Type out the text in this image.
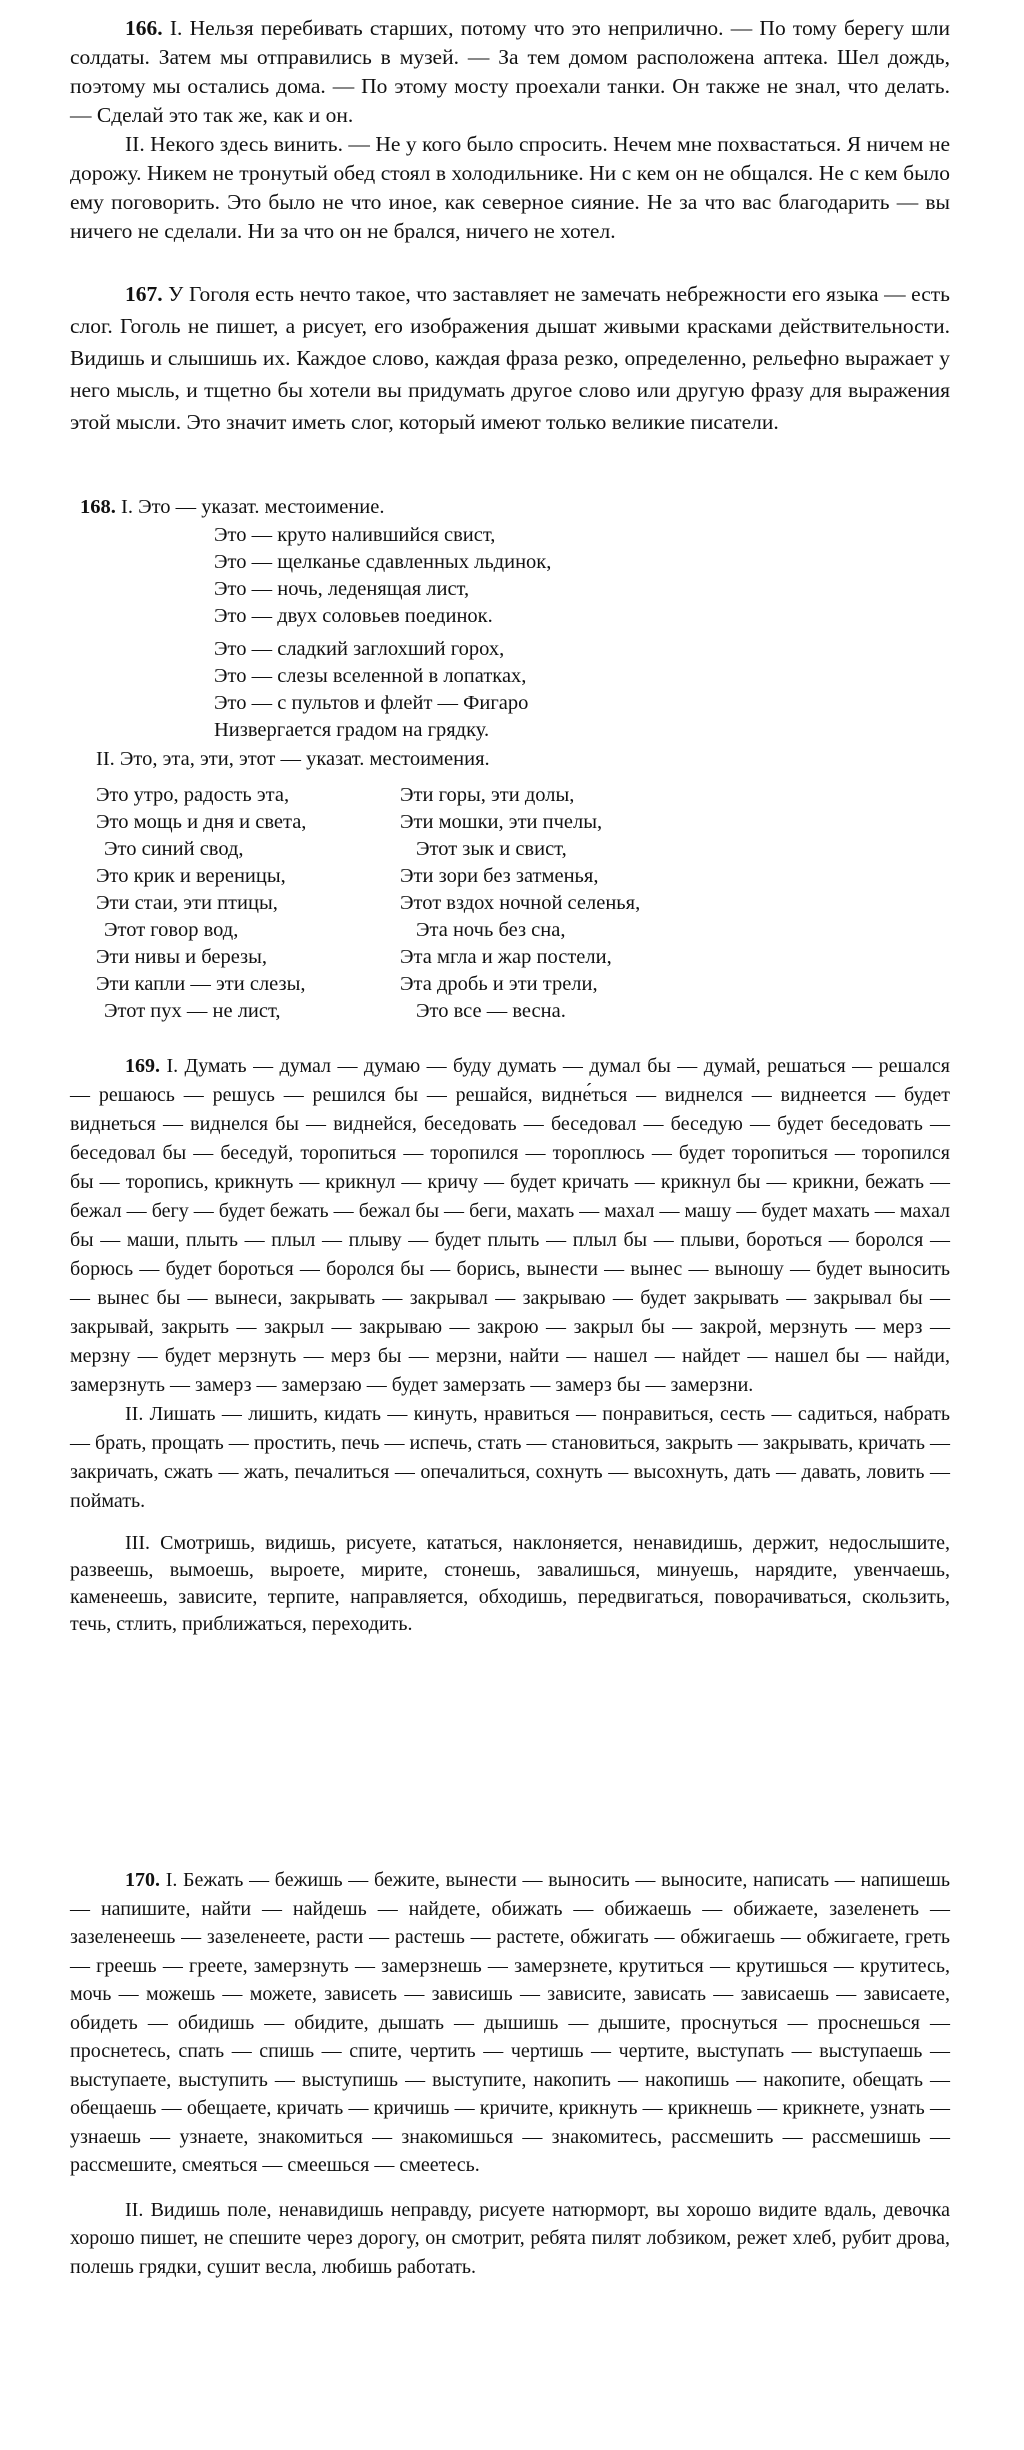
166. I. Нельзя перебивать старших, потому что это неприлично. — По тому берегу шли солдаты. Затем мы отправились в музей. — За тем домом расположена аптека. Шел дождь, поэтому мы остались дома. — По этому мосту проехали танки. Он также не знал, что делать. — Сделай это так же, как и он.

II. Некого здесь винить. — Не у кого было спросить. Нечем мне похвастаться. Я ничем не дорожу. Никем не тронутый обед стоял в холодильнике. Ни с кем он не общался. Не с кем было ему поговорить. Это было не что иное, как северное сияние. Не за что вас благодарить — вы ничего не сделали. Ни за что он не брался, ничего не хотел.

167. У Гоголя есть нечто такое, что заставляет не замечать небрежности его языка — есть слог. Гоголь не пишет, а рисует, его изображения дышат живыми красками действительности. Видишь и слышишь их. Каждое слово, каждая фраза резко, определенно, рельефно выражает у него мысль, и тщетно бы хотели вы придумать другое слово или другую фразу для выражения этой мысли. Это значит иметь слог, который имеют только великие писатели.

168. I. Это — указат. местоимение.
Это — круто налившийся свист,
Это — щелканье сдавленных льдинок,
Это — ночь, леденящая лист,
Это — двух соловьев поединок.
Это — сладкий заглохший горох,
Это — слезы вселенной в лопатках,
Это — с пультов и флейт — Фигаро
Низвергается градом на грядку.
II. Это, эта, эти, этот — указат. местоимения.
Это утро, радость эта,
Это мощь и дня и света,
Это синий свод,
Это крик и вереницы,
Эти стаи, эти птицы,
Этот говор вод,
Эти нивы и березы,
Эти капли — эти слезы,
Этот пух — не лист,
Эти горы, эти долы,
Эти мошки, эти пчелы,
Этот зык и свист,
Эти зори без затменья,
Этот вздох ночной селенья,
Эта ночь без сна,
Эта мгла и жар постели,
Эта дробь и эти трели,
Это все — весна.

169. I. Думать — думал — думаю — буду думать — думал бы — думай, решаться — решался — решаюсь — решусь — решился бы — решайся, видне́ться — виднелся — виднеется — будет виднеться — виднелся бы — виднейся, беседовать — беседовал — беседую — будет беседовать — беседовал бы — беседуй, торопиться — торопился — тороплюсь — будет торопиться — торопился бы — торопись, крикнуть — крикнул — кричу — будет кричать — крикнул бы — крикни, бежать — бежал — бегу — будет бежать — бежал бы — беги, махать — махал — машу — будет махать — махал бы — маши, плыть — плыл — плыву — будет плыть — плыл бы — плыви, бороться — боролся — борюсь — будет бороться — боролся бы — борись, вынести — вынес — выношу — будет выносить — вынес бы — вынеси, закрывать — закрывал — закрываю — будет закрывать — закрывал бы — закрывай, закрыть — закрыл — закрываю — закрою — закрыл бы — закрой, мерзнуть — мерз — мерзну — будет мерзнуть — мерз бы — мерзни, найти — нашел — найдет — нашел бы — найди, замерзнуть — замерз — замерзаю — будет замерзать — замерз бы — замерзни.

II. Лишать — лишить, кидать — кинуть, нравиться — понравиться, сесть — садиться, набрать — брать, прощать — простить, печь — испечь, стать — становиться, закрыть — закрывать, кричать — закричать, сжать — жать, печалиться — опечалиться, сохнуть — высохнуть, дать — давать, ловить — поймать.

III. Смотришь, видишь, рисуете, кататься, наклоняется, ненавидишь, держит, недослышите, развеешь, вымоешь, выроете, мирите, стонешь, завалишься, минуешь, нарядите, увенчаешь, каменеешь, зависите, терпите, направляется, обходишь, передвигаться, поворачиваться, скользить, течь, стлить, приближаться, переходить.

170. I. Бежать — бежишь — бежите, вынести — выносить — выносите, написать — напишешь — напишите, найти — найдешь — найдете, обижать — обижаешь — обижаете, зазеленеть — зазеленеешь — зазеленеете, расти — растешь — растете, обжигать — обжигаешь — обжигаете, греть — греешь — греете, замерзнуть — замерзнешь — замерзнете, крутиться — крутишься — крутитесь, мочь — можешь — можете, зависеть — зависишь — зависите, зависать — зависаешь — зависаете, обидеть — обидишь — обидите, дышать — дышишь — дышите, проснуться — проснешься — проснетесь, спать — спишь — спите, чертить — чертишь — чертите, выступать — выступаешь — выступаете, выступить — выступишь — выступите, накопить — накопишь — накопите, обещать — обещаешь — обещаете, кричать — кричишь — кричите, крикнуть — крикнешь — крикнете, узнать — узнаешь — узнаете, знакомиться — знакомишься — знакомитесь, рассмешить — рассмешишь — рассмешите, смеяться — смеешься — смеетесь.

II. Видишь поле, ненавидишь неправду, рисуете натюрморт, вы хорошо видите вдаль, девочка хорошо пишет, не спешите через дорогу, он смотрит, ребята пилят лобзиком, режет хлеб, рубит дрова, полешь грядки, сушит весла, любишь работать.
